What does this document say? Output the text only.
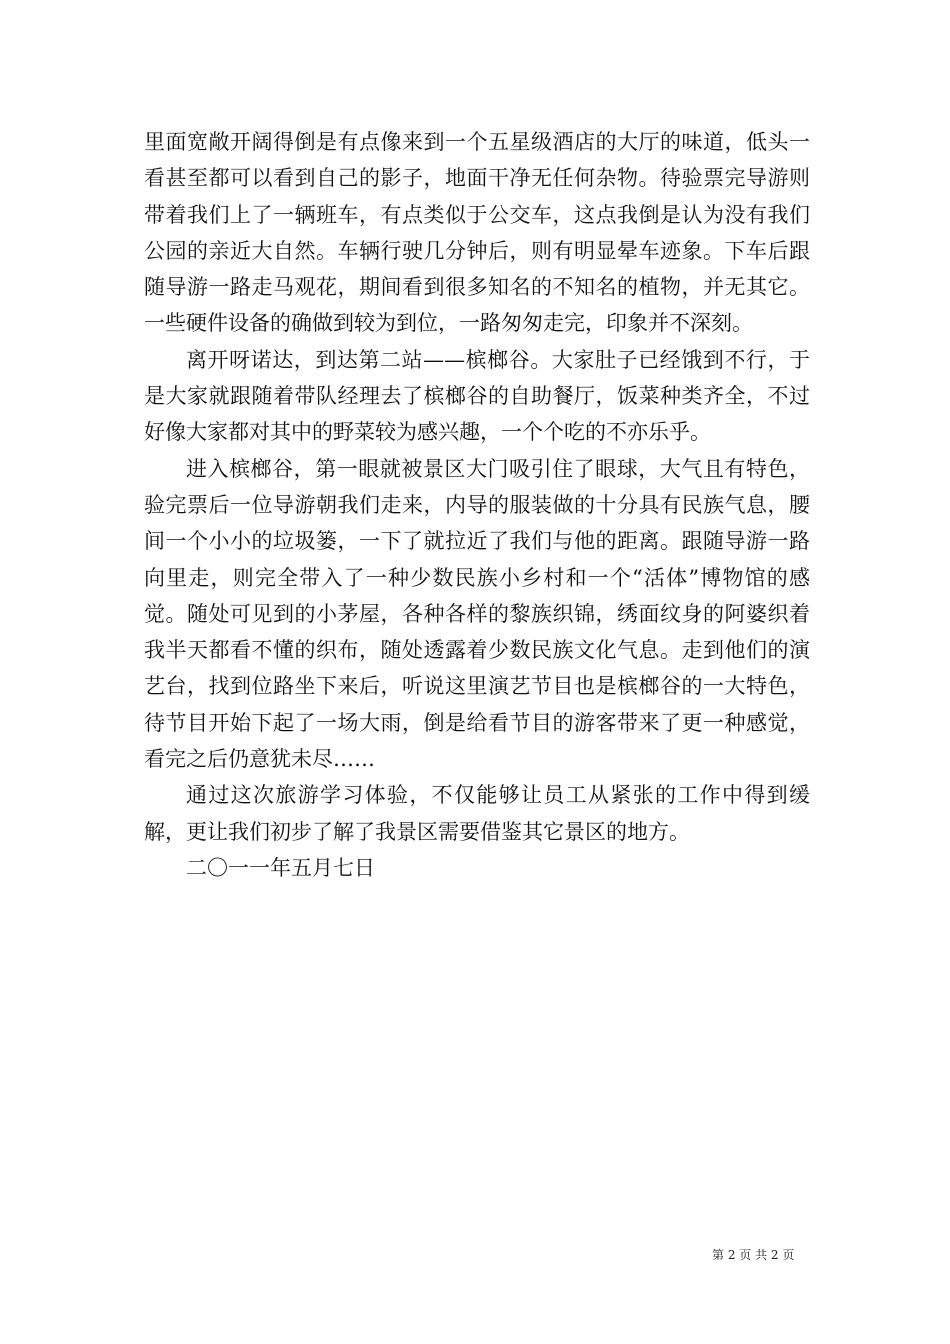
里面宽敞开阔得倒是有点像来到一个五星级酒店的大厅的味道，低头一看甚至都可以看到自己的影子，地面干净无任何杂物。待验票完导游则带着我们上了一辆班车，有点类似于公交车，这点我倒是认为没有我们公园的亲近大自然。车辆行驶几分钟后，则有明显晕车迹象。下车后跟随导游一路走马观花，期间看到很多知名的不知名的植物，并无其它。一些硬件设备的确做到较为到位，一路匆匆走完，印象并不深刻。

离开呀诺达，到达第二站——槟榔谷。大家肚子已经饿到不行，于是大家就跟随着带队经理去了槟榔谷的自助餐厅，饭菜种类齐全，不过好像大家都对其中的野菜较为感兴趣，一个个吃的不亦乐乎。

进入槟榔谷，第一眼就被景区大门吸引住了眼球，大气且有特色，验完票后一位导游朝我们走来，内导的服装做的十分具有民族气息，腰间一个小小的垃圾篓，一下了就拉近了我们与他的距离。跟随导游一路向里走，则完全带入了一种少数民族小乡村和一个“活体”博物馆的感觉。随处可见到的小茅屋，各种各样的黎族织锦，绣面纹身的阿婆织着我半天都看不懂的织布，随处透露着少数民族文化气息。走到他们的演艺台，找到位路坐下来后，听说这里演艺节目也是槟榔谷的一大特色，待节目开始下起了一场大雨，倒是给看节目的游客带来了更一种感觉，看完之后仍意犹未尽……

通过这次旅游学习体验，不仅能够让员工从紧张的工作中得到缓解，更让我们初步了解了我景区需要借鉴其它景区的地方。

二〇一一年五月七日

第 2 页 共 2 页
